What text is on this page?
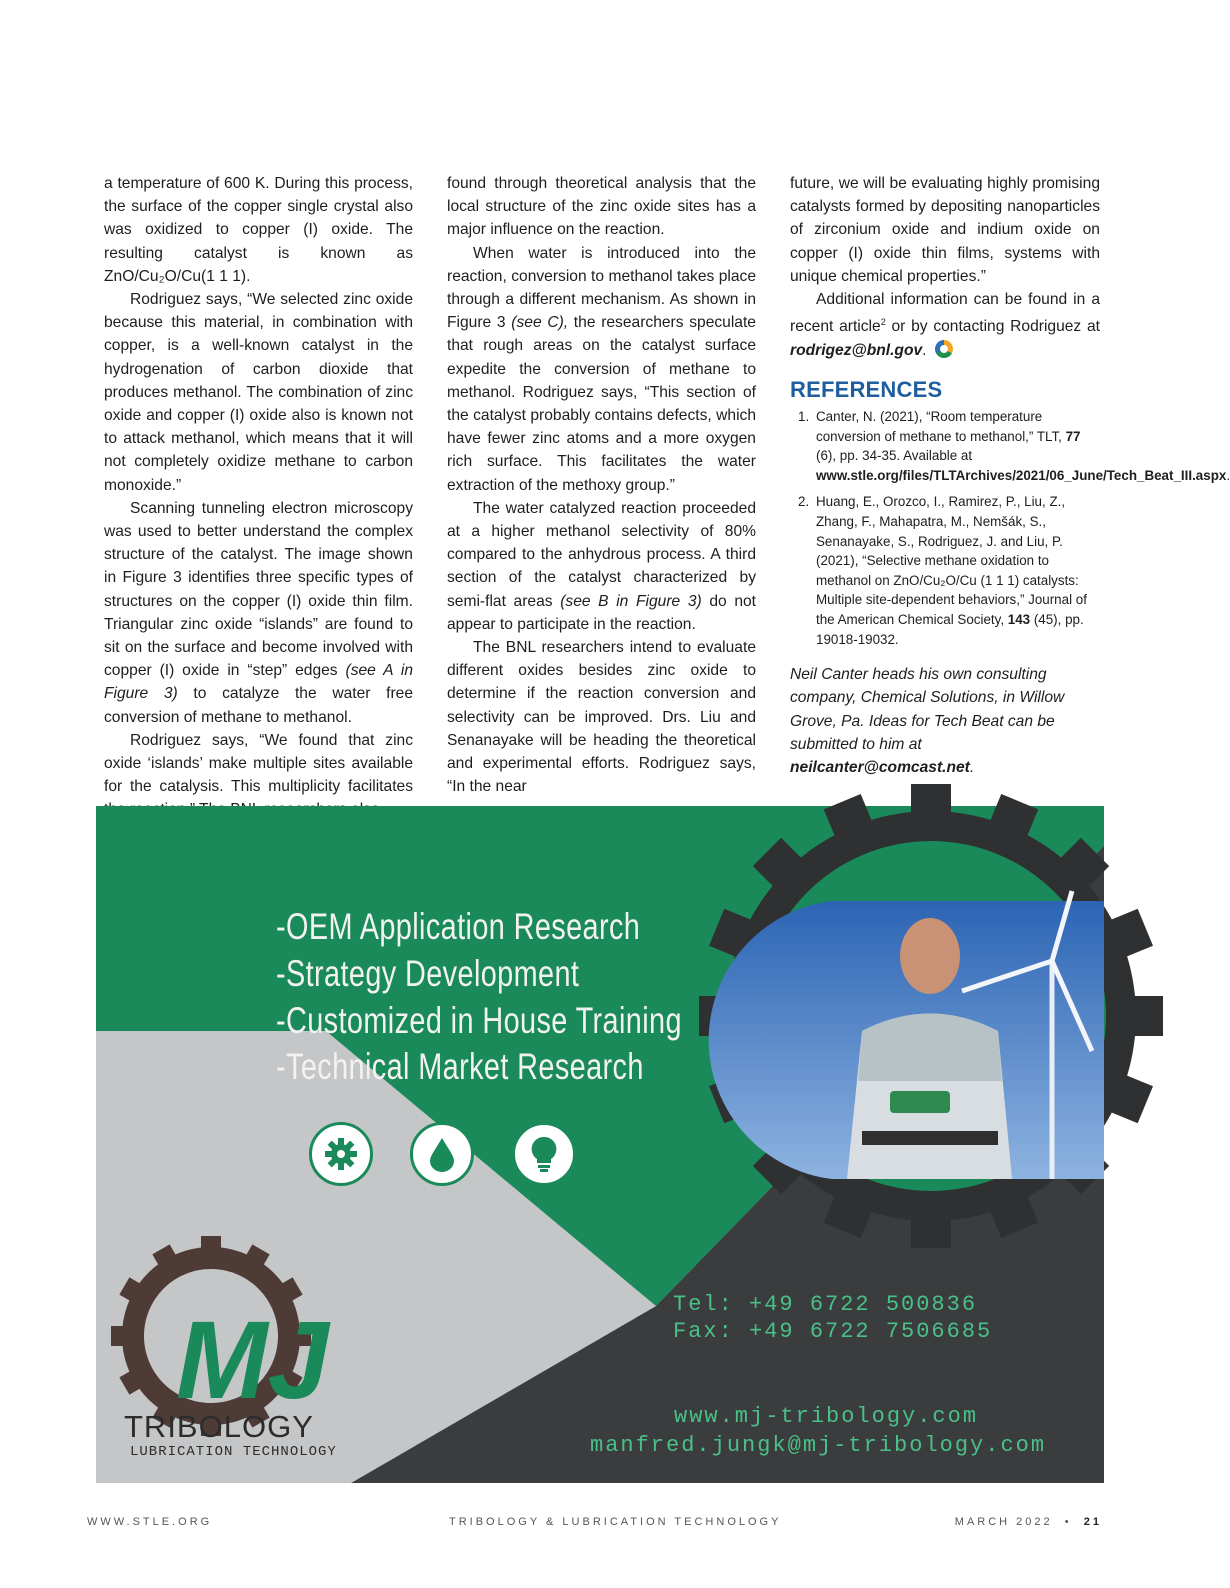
a temperature of 600 K. During this process, the surface of the copper single crystal also was oxidized to copper (I) oxide. The resulting catalyst is known as ZnO/Cu₂O/Cu(1 1 1).

Rodriguez says, “We selected zinc oxide because this material, in combination with copper, is a well-known catalyst in the hydrogenation of carbon dioxide that produces methanol. The combination of zinc oxide and copper (I) oxide also is known not to attack methanol, which means that it will not completely oxidize methane to carbon monoxide.”

Scanning tunneling electron microscopy was used to better understand the complex structure of the catalyst. The image shown in Figure 3 identifies three specific types of structures on the copper (I) oxide thin film. Triangular zinc oxide “islands” are found to sit on the surface and become involved with copper (I) oxide in “step” edges (see A in Figure 3) to catalyze the water free conversion of methane to methanol.

Rodriguez says, “We found that zinc oxide ‘islands’ make multiple sites available for the catalysis. This multiplicity facilitates

found through theoretical analysis that the local structure of the zinc oxide sites has a major influence on the reaction.

When water is introduced into the reaction, conversion to methanol takes place through a different mechanism. As shown in Figure 3 (see C), the researchers speculate that rough areas on the catalyst surface expedite the conversion of methane to methanol. Rodriguez says, “This section of the catalyst probably contains defects, which have fewer zinc atoms and a more oxygen rich surface. This facilitates the water extraction of the methoxy group.”

The water catalyzed reaction proceeded at a higher methanol selectivity of 80% compared to the anhydrous process. A third section of the catalyst characterized by semi-flat areas (see B in Figure 3) do not appear to participate in the reaction.

The BNL researchers intend to evaluate different oxides besides zinc oxide to determine if the reaction conversion and selectivity can be improved. Drs. Liu and Senanayake will be heading the theoretical and experimental efforts. Rodriguez says, “In the near

future, we will be evaluating highly promising catalysts formed by depositing nanoparticles of zirconium oxide and indium oxide on copper (I) oxide thin films, systems with unique chemical properties.”

Additional information can be found in a recent article$^2$ or by contacting Rodriguez at rodrigez@bnl.gov.

REFERENCES
1. Canter, N. (2021), “Room temperature conversion of methane to methanol,” TLT, 77 (6), pp. 34-35. Available at www.stle.org/files/TLTArchives/2021/06_June/Tech_Beat_III.aspx.
2. Huang, E., Orozco, I., Ramirez, P., Liu, Z., Zhang, F., Mahapatra, M., Nemšák, S., Senanayake, S., Rodriguez, J. and Liu, P. (2021), “Selective methane oxidation to methanol on ZnO/Cu₂O/Cu (1 1 1) catalysts: Multiple site-dependent behaviors,” Journal of the American Chemical Society, 143 (45), pp. 19018-19032.

Neil Canter heads his own consulting company, Chemical Solutions, in Willow Grove, Pa. Ideas for Tech Beat can be submitted to him at neilcanter@comcast.net.

MJ
-OEM Application Research
-Strategy Development
-Customized in House Training
-Technical Market Research
Tel: +49 6722 500836
Fax: +49 6722 7506685
www.mj-tribology.com
manfred.jungk@mj-tribology.com
TRIBOLOGY
LUBRICATION TECHNOLOGY
WWW.STLE.ORG	TRIBOLOGY & LUBRICATION TECHNOLOGY	MARCH 2022 • 21
